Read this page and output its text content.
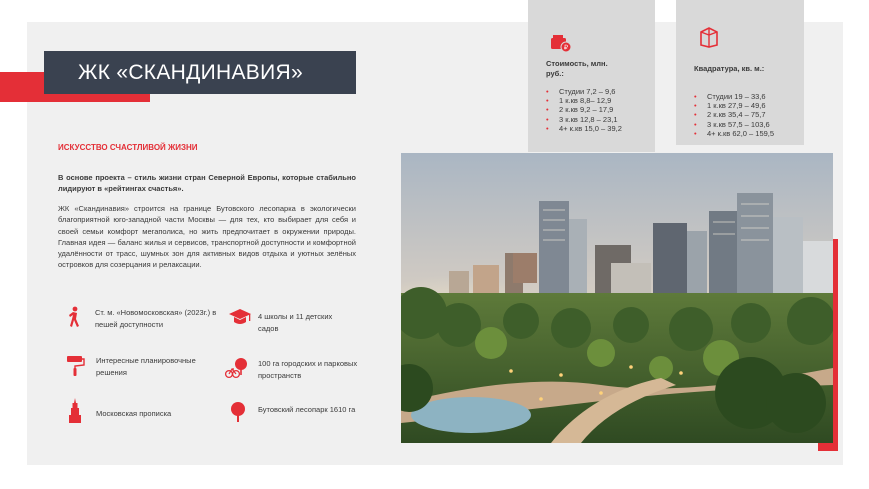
ЖК «СКАНДИНАВИЯ»
ИСКУССТВО СЧАСТЛИВОЙ ЖИЗНИ
В основе проекта – стиль жизни стран Северной Европы, которые стабильно лидируют в «рейтингах счастья».
ЖК «Скандинавия» строится на границе Бутовского лесопарка в экологически благоприятной юго-западной части Москвы — для тех, кто выбирает для себя и своей семьи комфорт мегаполиса, но жить предпочитает в окружении природы. Главная идея — баланс жилья и сервисов, транспортной доступности и комфортной удалённости от трасс, шумных зон для активных видов отдыха и уютных зелёных островков для созерцания и релаксации.
Ст. м. «Новомосковская» (2023г.) в пешей доступности
4 школы и 11 детских садов
Интересные планировочные решения
100 га городских и парковых пространств
Московская прописка	Бутовский лесопарк 1610 га
₽
Стоимость, млн. руб.:
• Студии 7,2 – 9,6
• 1 к.кв 8,8– 12,9
• 2 к.кв 9,2 – 17,9
• 3 к.кв 12,8 – 23,1
• 4+ к.кв 15,0 – 39,2
Квадратура, кв. м.:
• Студии 19 – 33,6
• 1 к.кв 27,9 – 49,6
• 2 к.кв 35,4 – 75,7
• 3 к.кв 57,5 – 103,6
• 4+ к.кв 62,0 – 159,5
